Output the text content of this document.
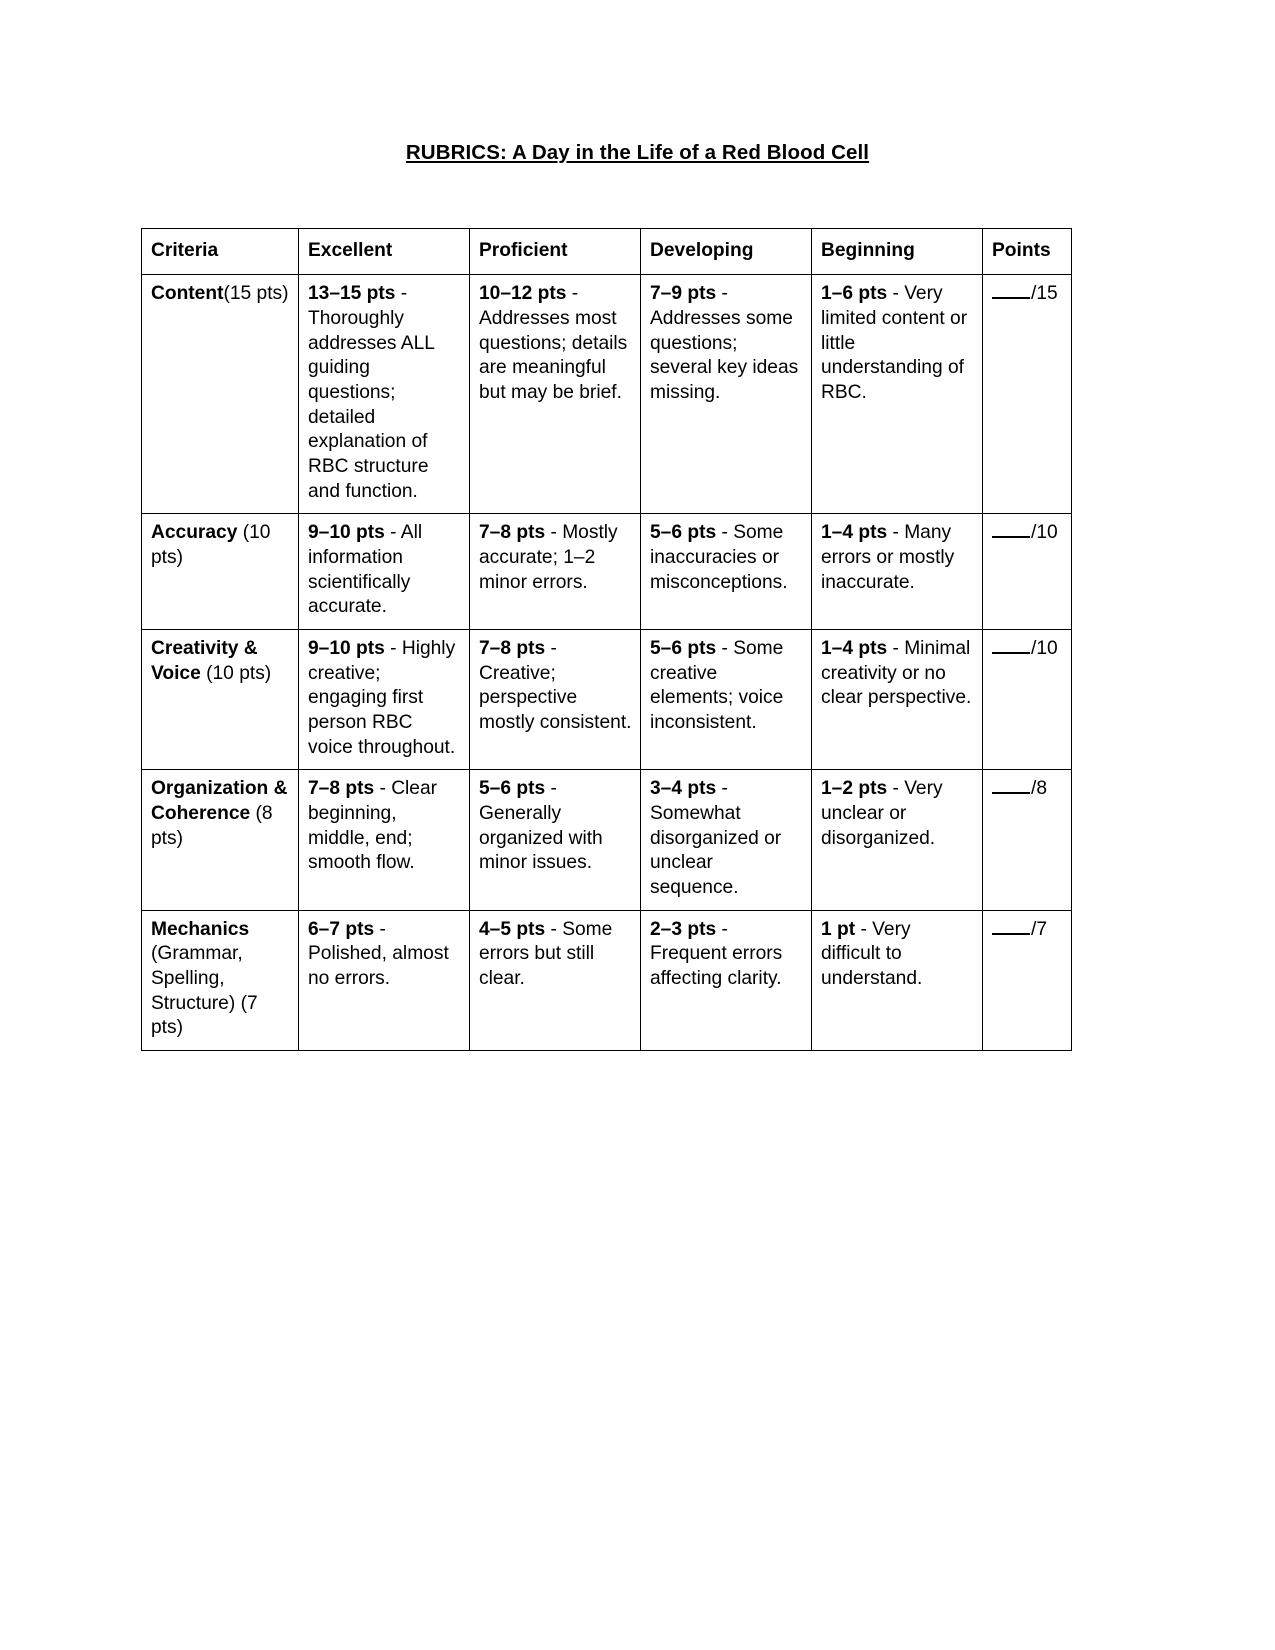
RUBRICS: A Day in the Life of a Red Blood Cell
Criteria	Excellent	Proficient	Developing	Beginning	Points
Content(15 pts)	13–15 pts - Thoroughly addresses ALL guiding questions; detailed explanation of RBC structure and function.	10–12 pts - Addresses most questions; details are meaningful but may be brief.	7–9 pts - Addresses some questions; several key ideas missing.	1–6 pts - Very limited content or little understanding of RBC.	/15
Accuracy (10 pts)	9–10 pts - All information scientifically accurate.	7–8 pts - Mostly accurate; 1–2 minor errors.	5–6 pts - Some inaccuracies or misconceptions.	1–4 pts - Many errors or mostly inaccurate.	/10
Creativity & Voice (10 pts)	9–10 pts - Highly creative; engaging first person RBC voice throughout.	7–8 pts - Creative; perspective mostly consistent.	5–6 pts - Some creative elements; voice inconsistent.	1–4 pts - Minimal creativity or no clear perspective.	/10
Organization & Coherence (8 pts)	7–8 pts - Clear beginning, middle, end; smooth flow.	5–6 pts - Generally organized with minor issues.	3–4 pts - Somewhat disorganized or unclear sequence.	1–2 pts - Very unclear or disorganized.	/8
Mechanics (Grammar, Spelling, Structure) (7 pts)	6–7 pts - Polished, almost no errors.	4–5 pts - Some errors but still clear.	2–3 pts - Frequent errors affecting clarity.	1 pt - Very difficult to understand.	/7
